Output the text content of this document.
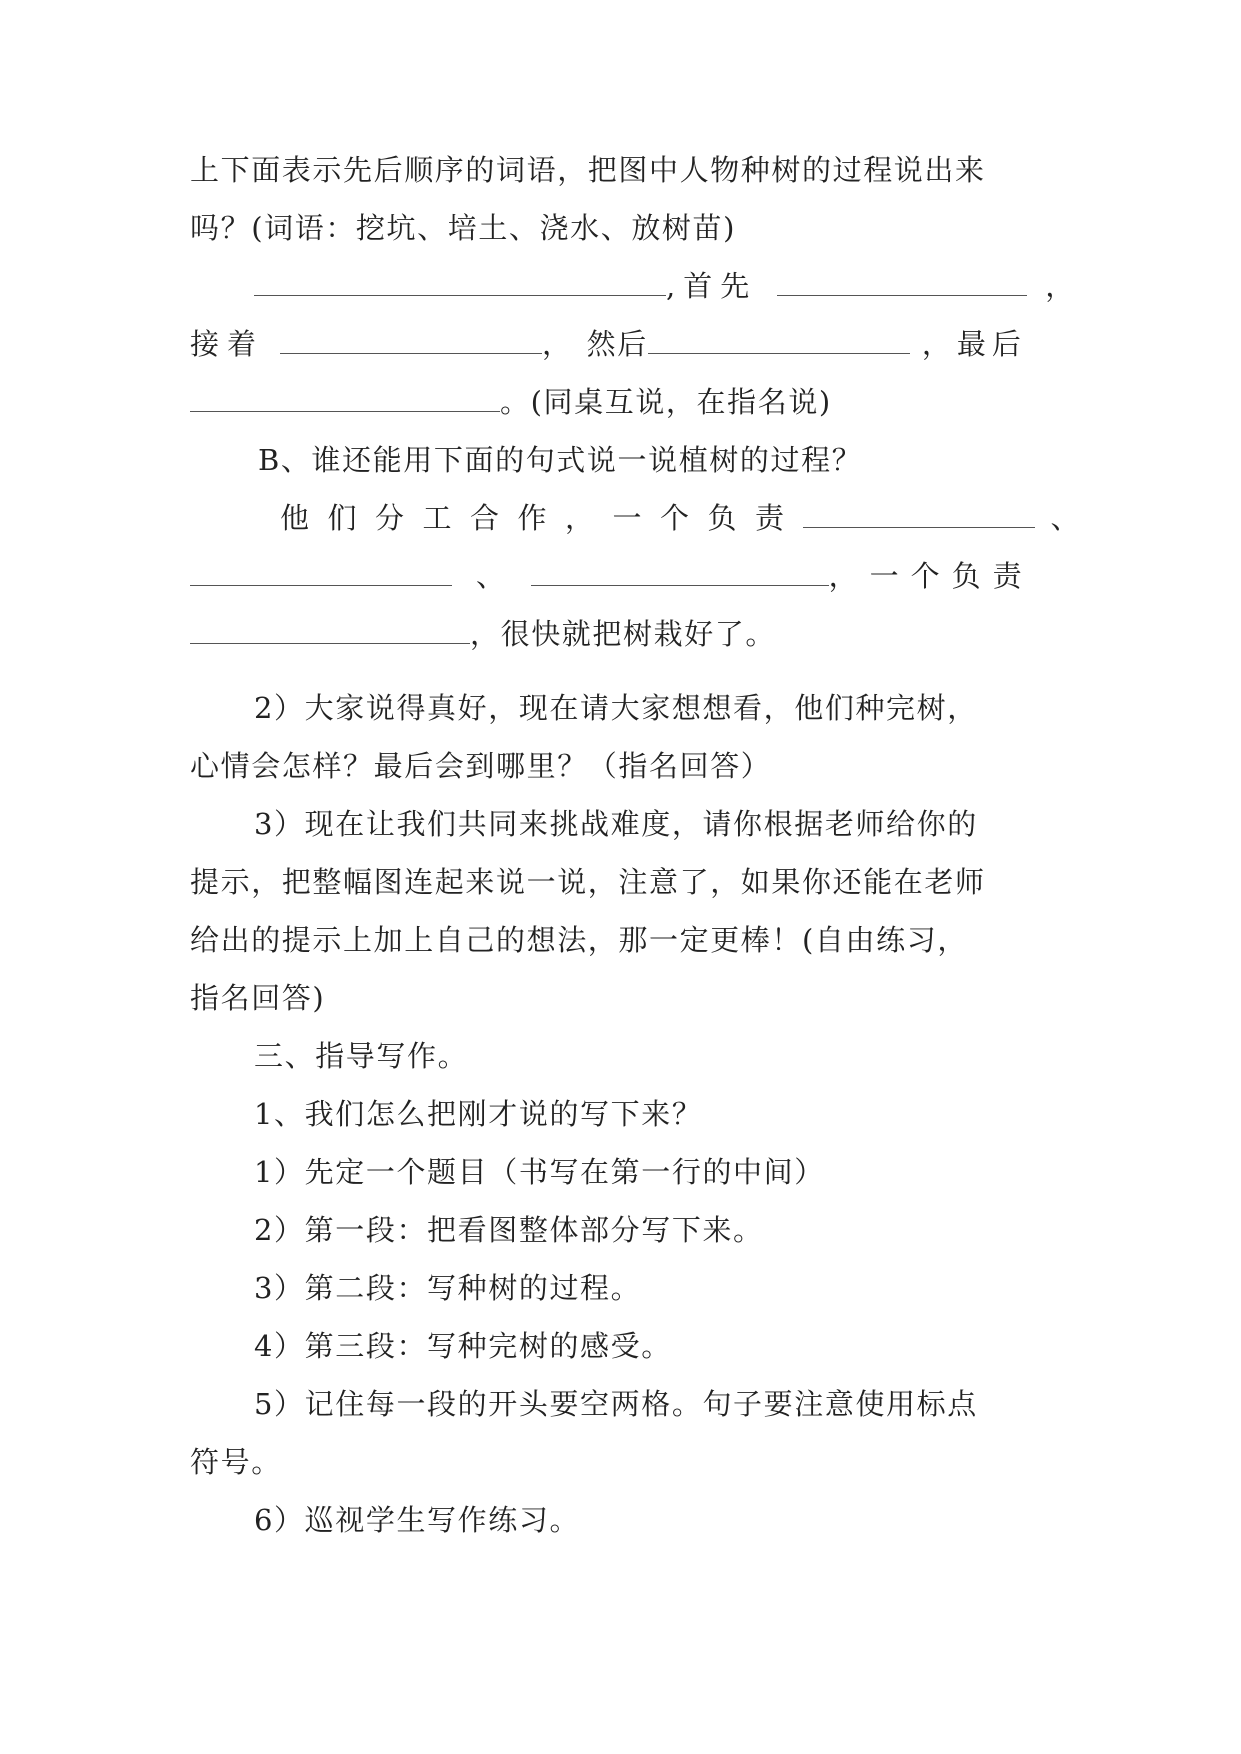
上下面表示先后顺序的词语，把图中人物种树的过程说出来
吗？(词语：挖坑、培土、浇水、放树苗)
,首先	，
接着	， 然后	，最后
。(同桌互说，在指名说)
B、谁还能用下面的句式说一说植树的过程？
他们分工合作，一个负责	、
、	，一个负责
，很快就把树栽好了。
2）大家说得真好，现在请大家想想看，他们种完树，
心情会怎样？最后会到哪里？（指名回答）
3）现在让我们共同来挑战难度，请你根据老师给你的
提示，把整幅图连起来说一说，注意了，如果你还能在老师
给出的提示上加上自己的想法，那一定更棒！(自由练习，
指名回答)
三、指导写作。
1、我们怎么把刚才说的写下来？
1）先定一个题目（书写在第一行的中间）
2）第一段：把看图整体部分写下来。
3）第二段：写种树的过程。
4）第三段：写种完树的感受。
5）记住每一段的开头要空两格。句子要注意使用标点
符号。
6）巡视学生写作练习。
